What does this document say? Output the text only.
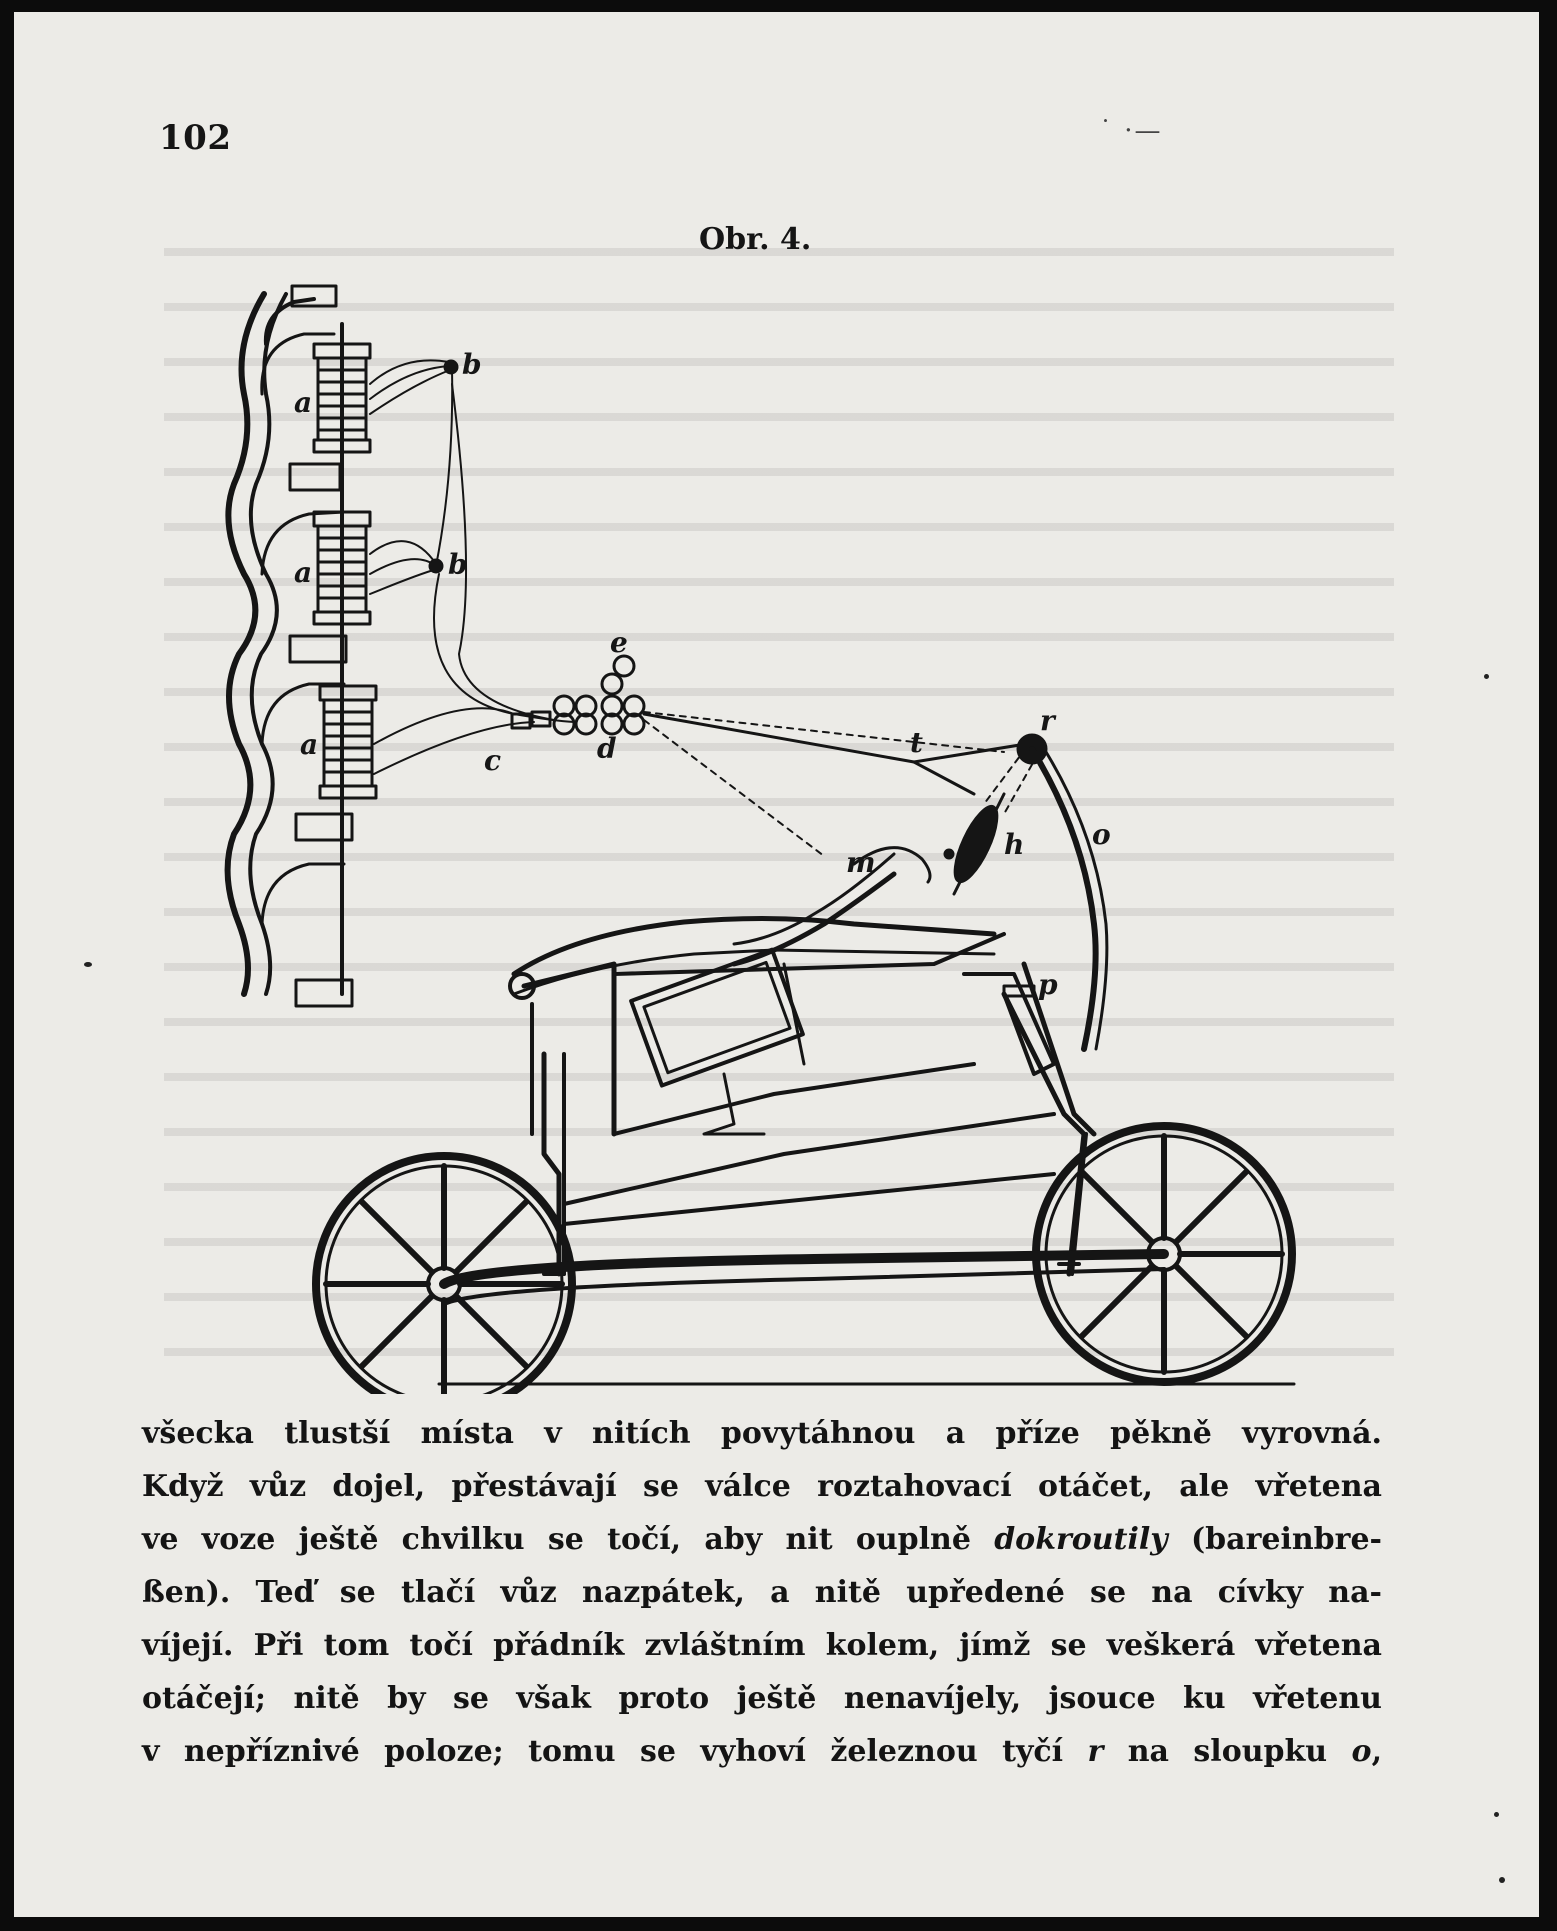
102	˙ ·—
Obr. 4.
a
a
a
b
b
c	d
e
t
r
h o
m
p
všecka tlustší místa v nitích povytáhnou a příze pěkně vyrovná.
Když vůz dojel, přestávají se válce roztahovací otáčet, ale vřetena
ve voze ještě chvilku se točí, aby nit ouplně dokroutily (bareinbre-
ßen). Teď se tlačí vůz nazpátek, a nitě upředené se na cívky na-
víjejí. Při tom točí přádník zvláštním kolem, jímž se veškerá vřetena
otáčejí; nitě by se však proto ještě nenavíjely, jsouce ku vřetenu
v nepříznivé poloze; tomu se vyhoví železnou tyčí r na sloupku o,
